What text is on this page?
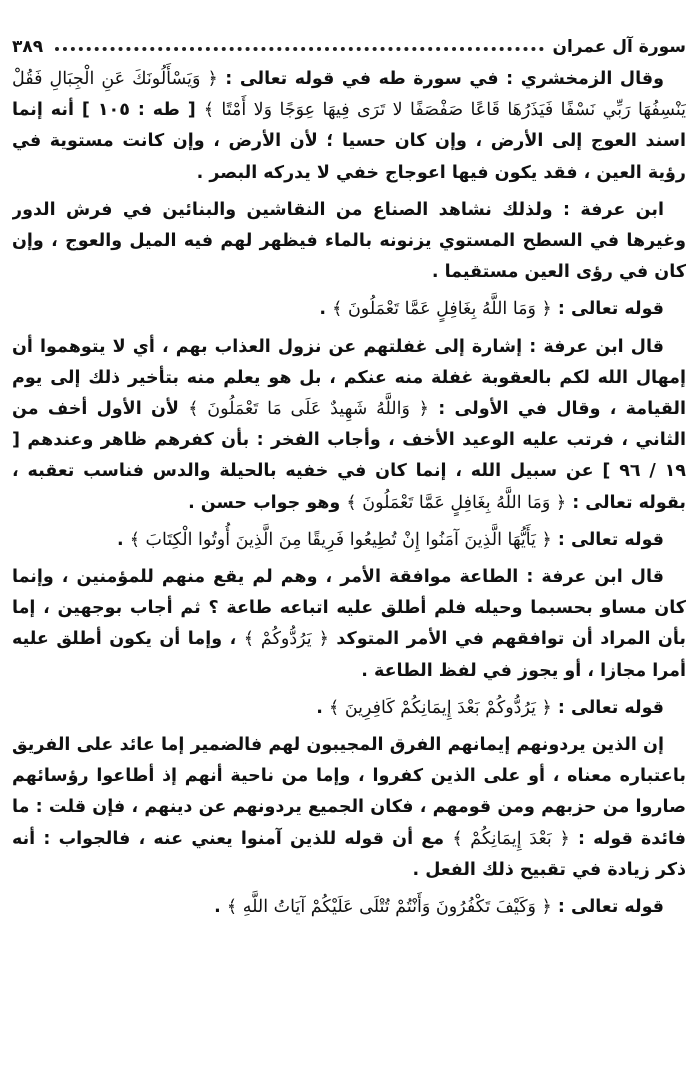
٣٨٩	سورة آل عمران

وقال الزمخشري : في سورة طه في قوله تعالى : ﴿ وَيَسْأَلُونَكَ عَنِ الْجِبَالِ فَقُلْ يَنْسِفُهَا رَبِّي نَسْفًا فَيَذَرُهَا قَاعًا صَفْصَفًا لا تَرَى فِيهَا عِوَجًا وَلا أَمْتًا ﴾ [ طه : ١٠٥ ] أنه إنما اسند العوج إلى الأرض ، وإن كان حسيا ؛ لأن الأرض ، وإن كانت مستوية في رؤية العين ، فقد يكون فيها اعوجاج خفي لا يدركه البصر .

ابن عرفة : ولذلك نشاهد الصناع من النقاشين والبنائين في فرش الدور وغيرها في السطح المستوي يزنونه بالماء فيظهر لهم فيه الميل والعوج ، وإن كان في رؤى العين مستقيما .

قوله تعالى : ﴿ وَمَا اللَّهُ بِغَافِلٍ عَمَّا تَعْمَلُونَ ﴾ .

قال ابن عرفة : إشارة إلى غفلتهم عن نزول العذاب بهم ، أي لا يتوهموا أن إمهال الله لكم بالعقوبة غفلة منه عنكم ، بل هو يعلم منه بتأخير ذلك إلى يوم القيامة ، وقال في الأولى : ﴿ وَاللَّهُ شَهِيدٌ عَلَى مَا تَعْمَلُونَ ﴾ لأن الأول أخف من الثاني ، فرتب عليه الوعيد الأخف ، وأجاب الفخر : بأن كفرهم ظاهر وعندهم [ ١٩ / ٩٦ ] عن سبيل الله ، إنما كان في خفيه بالحيلة والدس فناسب تعقبه ، بقوله تعالى : ﴿ وَمَا اللَّهُ بِغَافِلٍ عَمَّا تَعْمَلُونَ ﴾ وهو جواب حسن .

قوله تعالى : ﴿ يَأَيُّهَا الَّذِينَ آمَنُوا إِنْ تُطِيعُوا فَرِيقًا مِنَ الَّذِينَ أُوتُوا الْكِتَابَ ﴾ .

قال ابن عرفة : الطاعة موافقة الأمر ، وهم لم يقع منهم للمؤمنين ، وإنما كان مساو بحسبما وحيله فلم أطلق عليه اتباعه طاعة ؟ ثم أجاب بوجهين ، إما بأن المراد أن توافقهم في الأمر المتوكد ﴿ يَرُدُّوكُمْ ﴾ ، وإما أن يكون أطلق عليه أمرا مجازا ، أو يجوز في لفظ الطاعة .

قوله تعالى : ﴿ يَرُدُّوكُمْ بَعْدَ إِيمَانِكُمْ كَافِرِينَ ﴾ .

إن الذين يردونهم إيمانهم الفرق المجيبون لهم فالضمير إما عائد على الفريق باعتباره معناه ، أو على الذين كفروا ، وإما من ناحية أنهم إذ أطاعوا رؤسائهم صاروا من حزبهم ومن قومهم ، فكان الجميع يردونهم عن دينهم ، فإن قلت : ما فائدة قوله : ﴿ بَعْدَ إِيمَانِكُمْ ﴾ مع أن قوله للذين آمنوا يعني عنه ، فالجواب : أنه ذكر زيادة في تقبيح ذلك الفعل .

قوله تعالى : ﴿ وَكَيْفَ تَكْفُرُونَ وَأَنْتُمْ تُتْلَى عَلَيْكُمْ آيَاتُ اللَّهِ ﴾ .
